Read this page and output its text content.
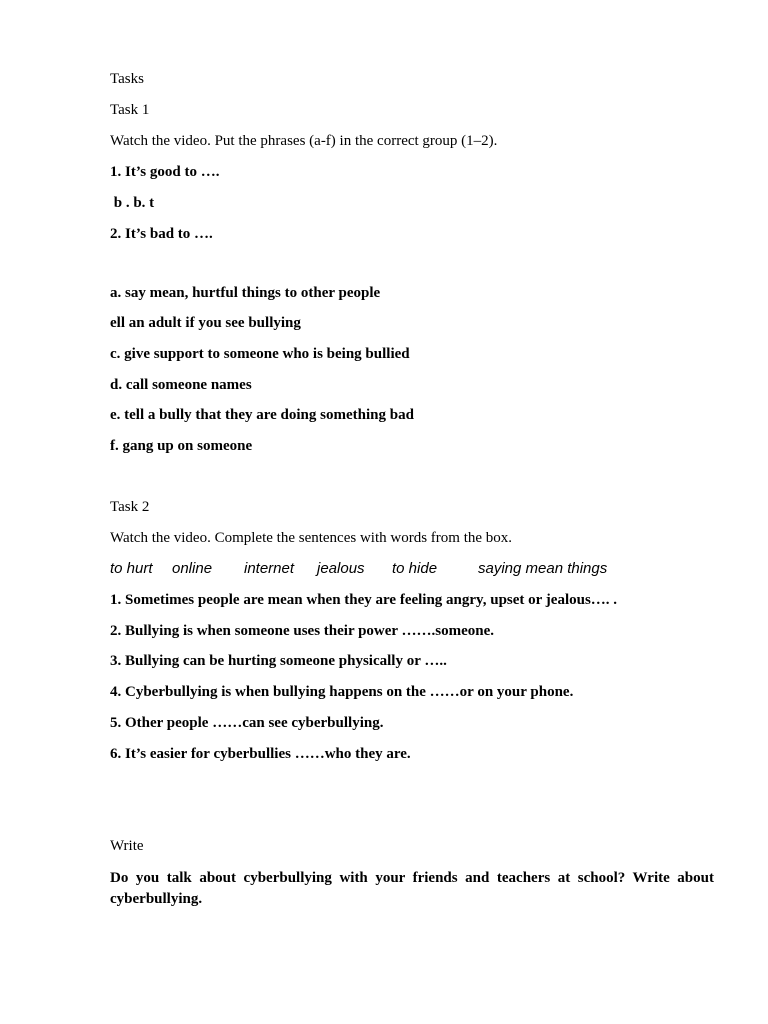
Tasks
Task 1
Watch the video. Put the phrases (a-f) in the correct group (1–2).
1. It’s good to ….
b . b. t
2. It’s bad to ….
a. say mean, hurtful things to other people
ell an adult if you see bullying
c. give support to someone who is being bullied
d. call someone names
e. tell a bully that they are doing something bad
f. gang up on someone
Task 2
Watch the video. Complete the sentences with words from the box.
to hurt online internet jealous to hide	saying mean things
1. Sometimes people are mean when they are feeling angry, upset or jealous…. .
2. Bullying is when someone uses their power …….someone.
3. Bullying can be hurting someone physically or …..
4. Cyberbullying is when bullying happens on the ……or on your phone.
5. Other people ……can see cyberbullying.
6. It’s easier for cyberbullies ……who they are.
Write
Do you talk about cyberbullying with your friends and teachers at school? Write about cyberbullying.
